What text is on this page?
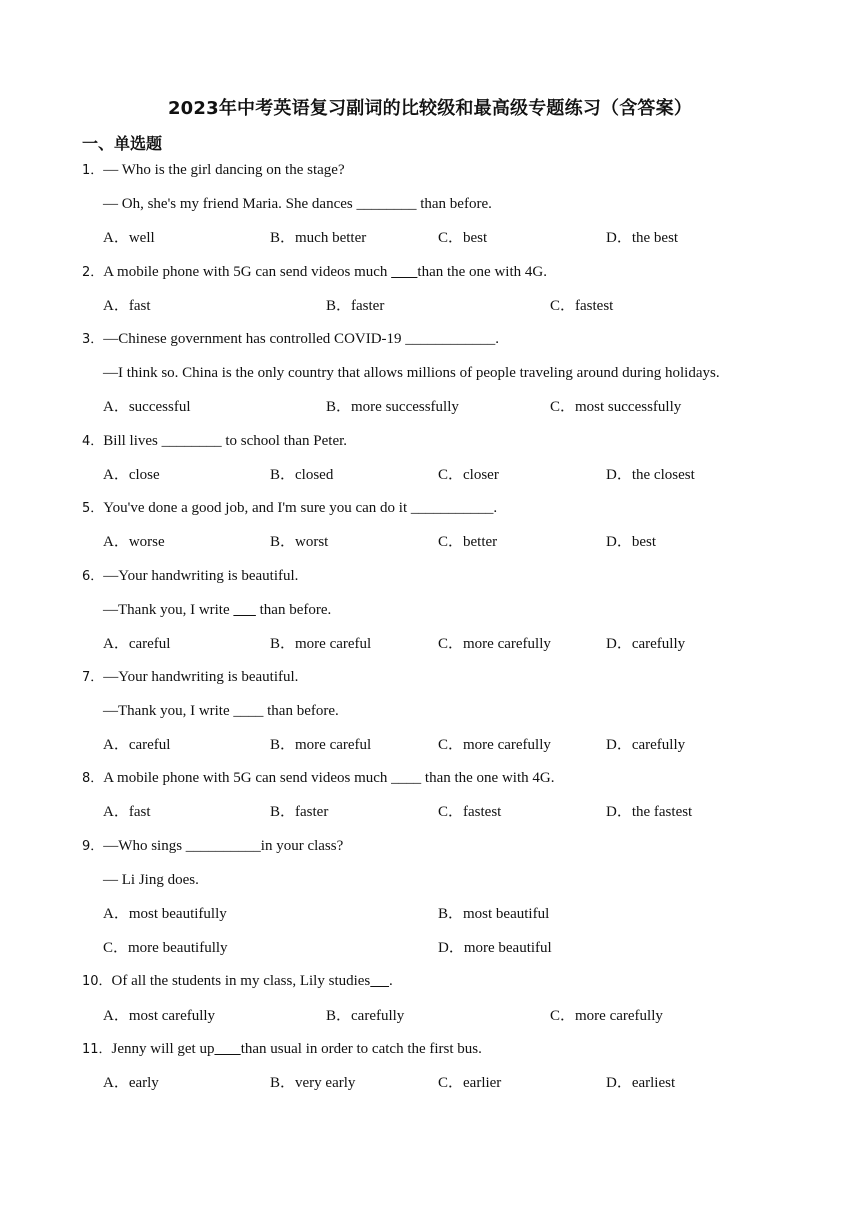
2023年中考英语复习副词的比较级和最高级专题练习（含答案）
一、单选题
1．— Who is the girl dancing on the stage?
— Oh, she's my friend Maria. She dances ________ than before.
A．well	B．much better	C．best	D．the best
2．A mobile phone with 5G can send videos much        than the one with 4G.
A．fast	B．faster	C．fastest
3．—Chinese government has controlled COVID-19 ____________.
—I think so. China is the only country that allows millions of people traveling around during holidays.
A．successful	B．more successfully	C．most successfully
4．Bill lives ________ to school than Peter.
A．close	B．closed	C．closer	D．the closest
5．You've done a good job, and I'm sure you can do it ___________.
A．worse	B．worst	C．better	D．best
6．—Your handwriting is beautiful.
—Thank you, I write        than before.
A．careful	B．more careful	C．more carefully	D．carefully
7．—Your handwriting is beautiful.
—Thank you, I write ____ than before.
A．careful	B．more careful	C．more carefully	D．carefully
8．A mobile phone with 5G can send videos much ____ than the one with 4G.
A．fast	B．faster	C．fastest	D．the fastest
9．—Who sings __________in your class?
— Li Jing does.
A．most beautifully	B．most beautiful
C．more beautifully	D．more beautiful
10．Of all the students in my class, Lily studies .
A．most carefully	B．carefully	C．more carefully
11．Jenny will get up than usual in order to catch the first bus.
A．early	B．very early	C．earlier	D．earliest
